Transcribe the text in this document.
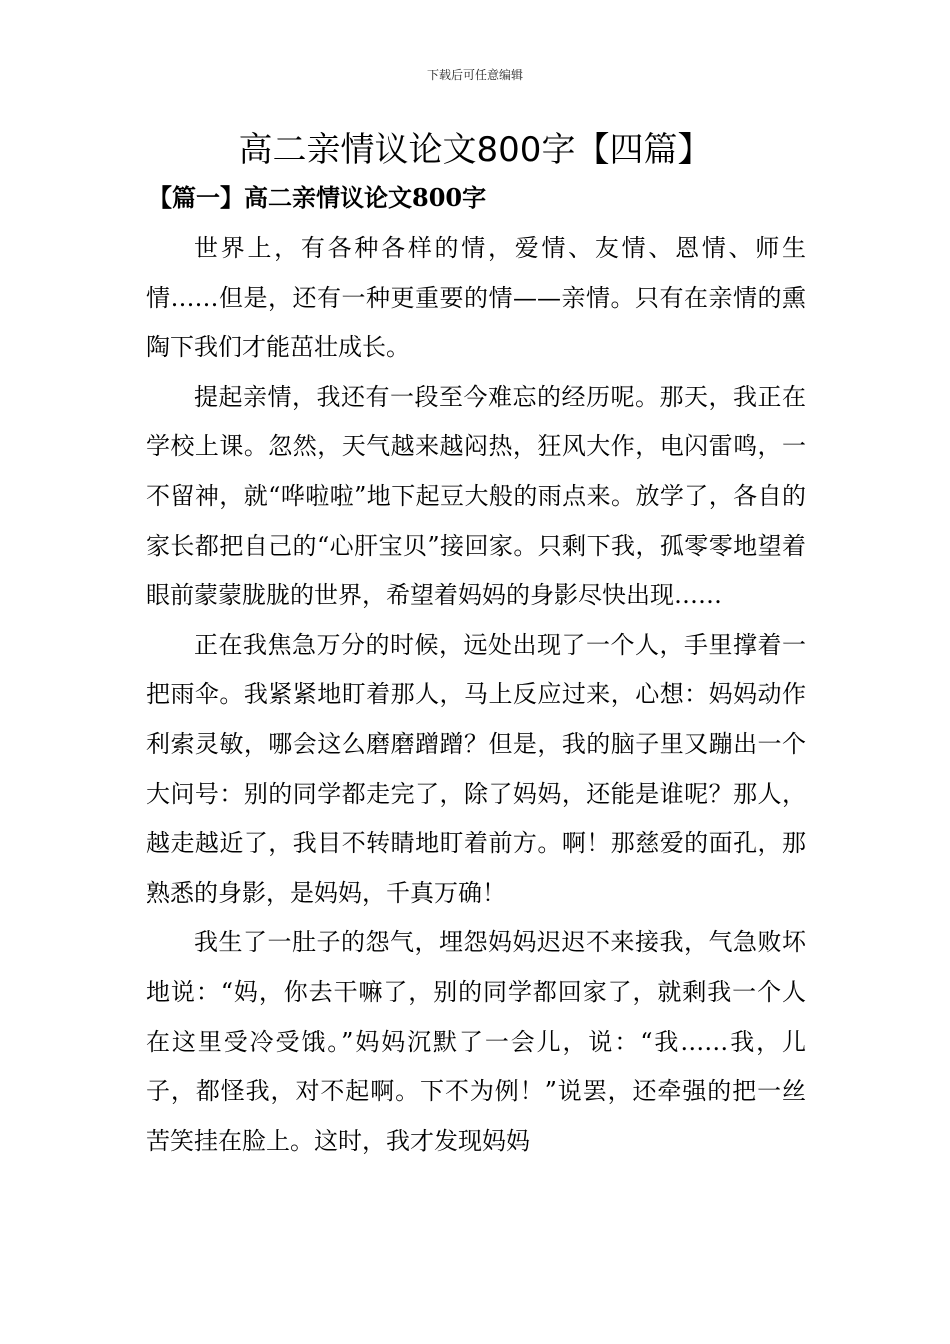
下载后可任意编辑
高二亲情议论文800字【四篇】
【篇一】高二亲情议论文800字

世界上，有各种各样的情，爱情、友情、恩情、师生情……但是，还有一种更重要的情——亲情。只有在亲情的熏陶下我们才能茁壮成长。

提起亲情，我还有一段至今难忘的经历呢。那天，我正在学校上课。忽然，天气越来越闷热，狂风大作，电闪雷鸣，一不留神，就“哗啦啦”地下起豆大般的雨点来。放学了，各自的家长都把自己的“心肝宝贝”接回家。只剩下我，孤零零地望着眼前蒙蒙胧胧的世界，希望着妈妈的身影尽快出现……

正在我焦急万分的时候，远处出现了一个人，手里撑着一把雨伞。我紧紧地盯着那人，马上反应过来，心想：妈妈动作利索灵敏，哪会这么磨磨蹭蹭？但是，我的脑子里又蹦出一个大问号：别的同学都走完了，除了妈妈，还能是谁呢？那人，越走越近了，我目不转睛地盯着前方。啊！那慈爱的面孔，那熟悉的身影，是妈妈，千真万确！

我生了一肚子的怨气，埋怨妈妈迟迟不来接我，气急败坏地说：“妈，你去干嘛了，别的同学都回家了，就剩我一个人在这里受冷受饿。”妈妈沉默了一会儿，说：“我……我，儿子，都怪我，对不起啊。下不为例！”说罢，还牵强的把一丝苦笑挂在脸上。这时，我才发现妈妈
